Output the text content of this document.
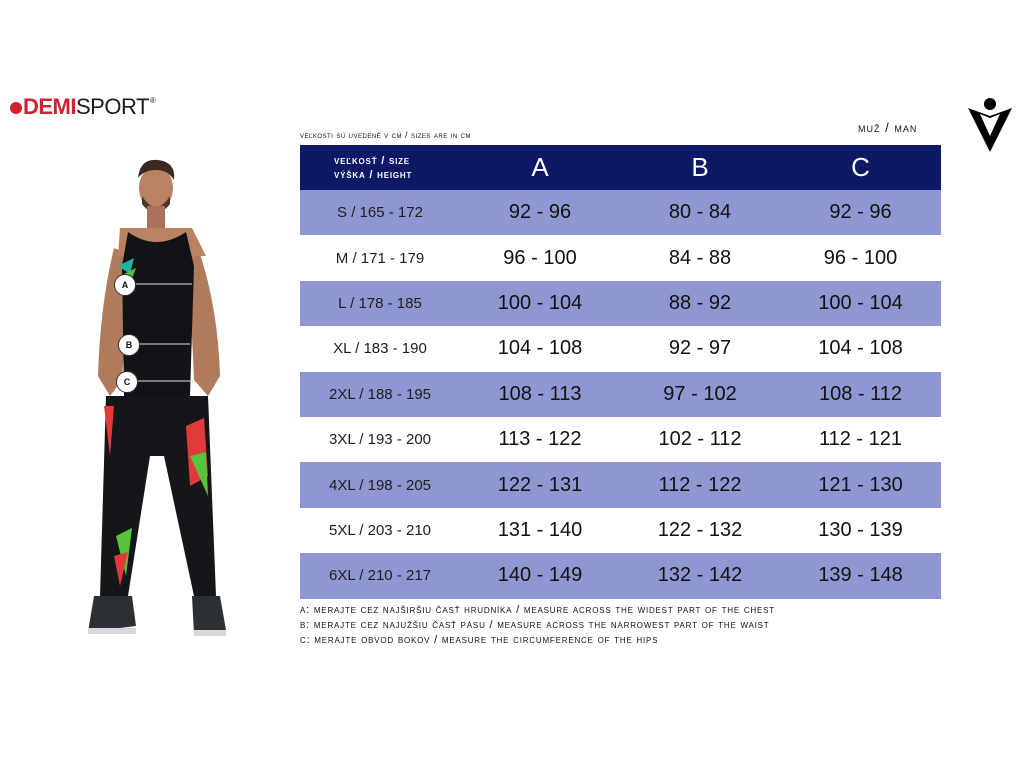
DEMI SPORT ®
muž / man
veľkosti sú uvedené v cm / sizes are in cm
A
B
C
veľkosť / size
výška / height	A	B	C
S / 165 - 172	92 - 96	80 - 84	92 - 96
M / 171 - 179	96 - 100	84 - 88	96 - 100
L / 178 - 185	100 - 104	88 - 92	100 - 104
XL / 183 - 190	104 - 108	92 - 97	104 - 108
2XL / 188 - 195	108 - 113	97 - 102	108 - 112
3XL / 193 - 200	113 - 122	102 - 112	112 - 121
4XL / 198 - 205	122 - 131	112 - 122	121 - 130
5XL / 203 - 210	131 - 140	122 - 132	130 - 139
6XL / 210 - 217	140 - 149	132 - 142	139 - 148
a: merajte cez najširšiu časť hrudníka / measure across the widest part of the chest
b: merajte cez najužšiu časť pásu / measure across the narrowest part of the waist
c: merajte obvod bokov / measure the circumference of the hips
